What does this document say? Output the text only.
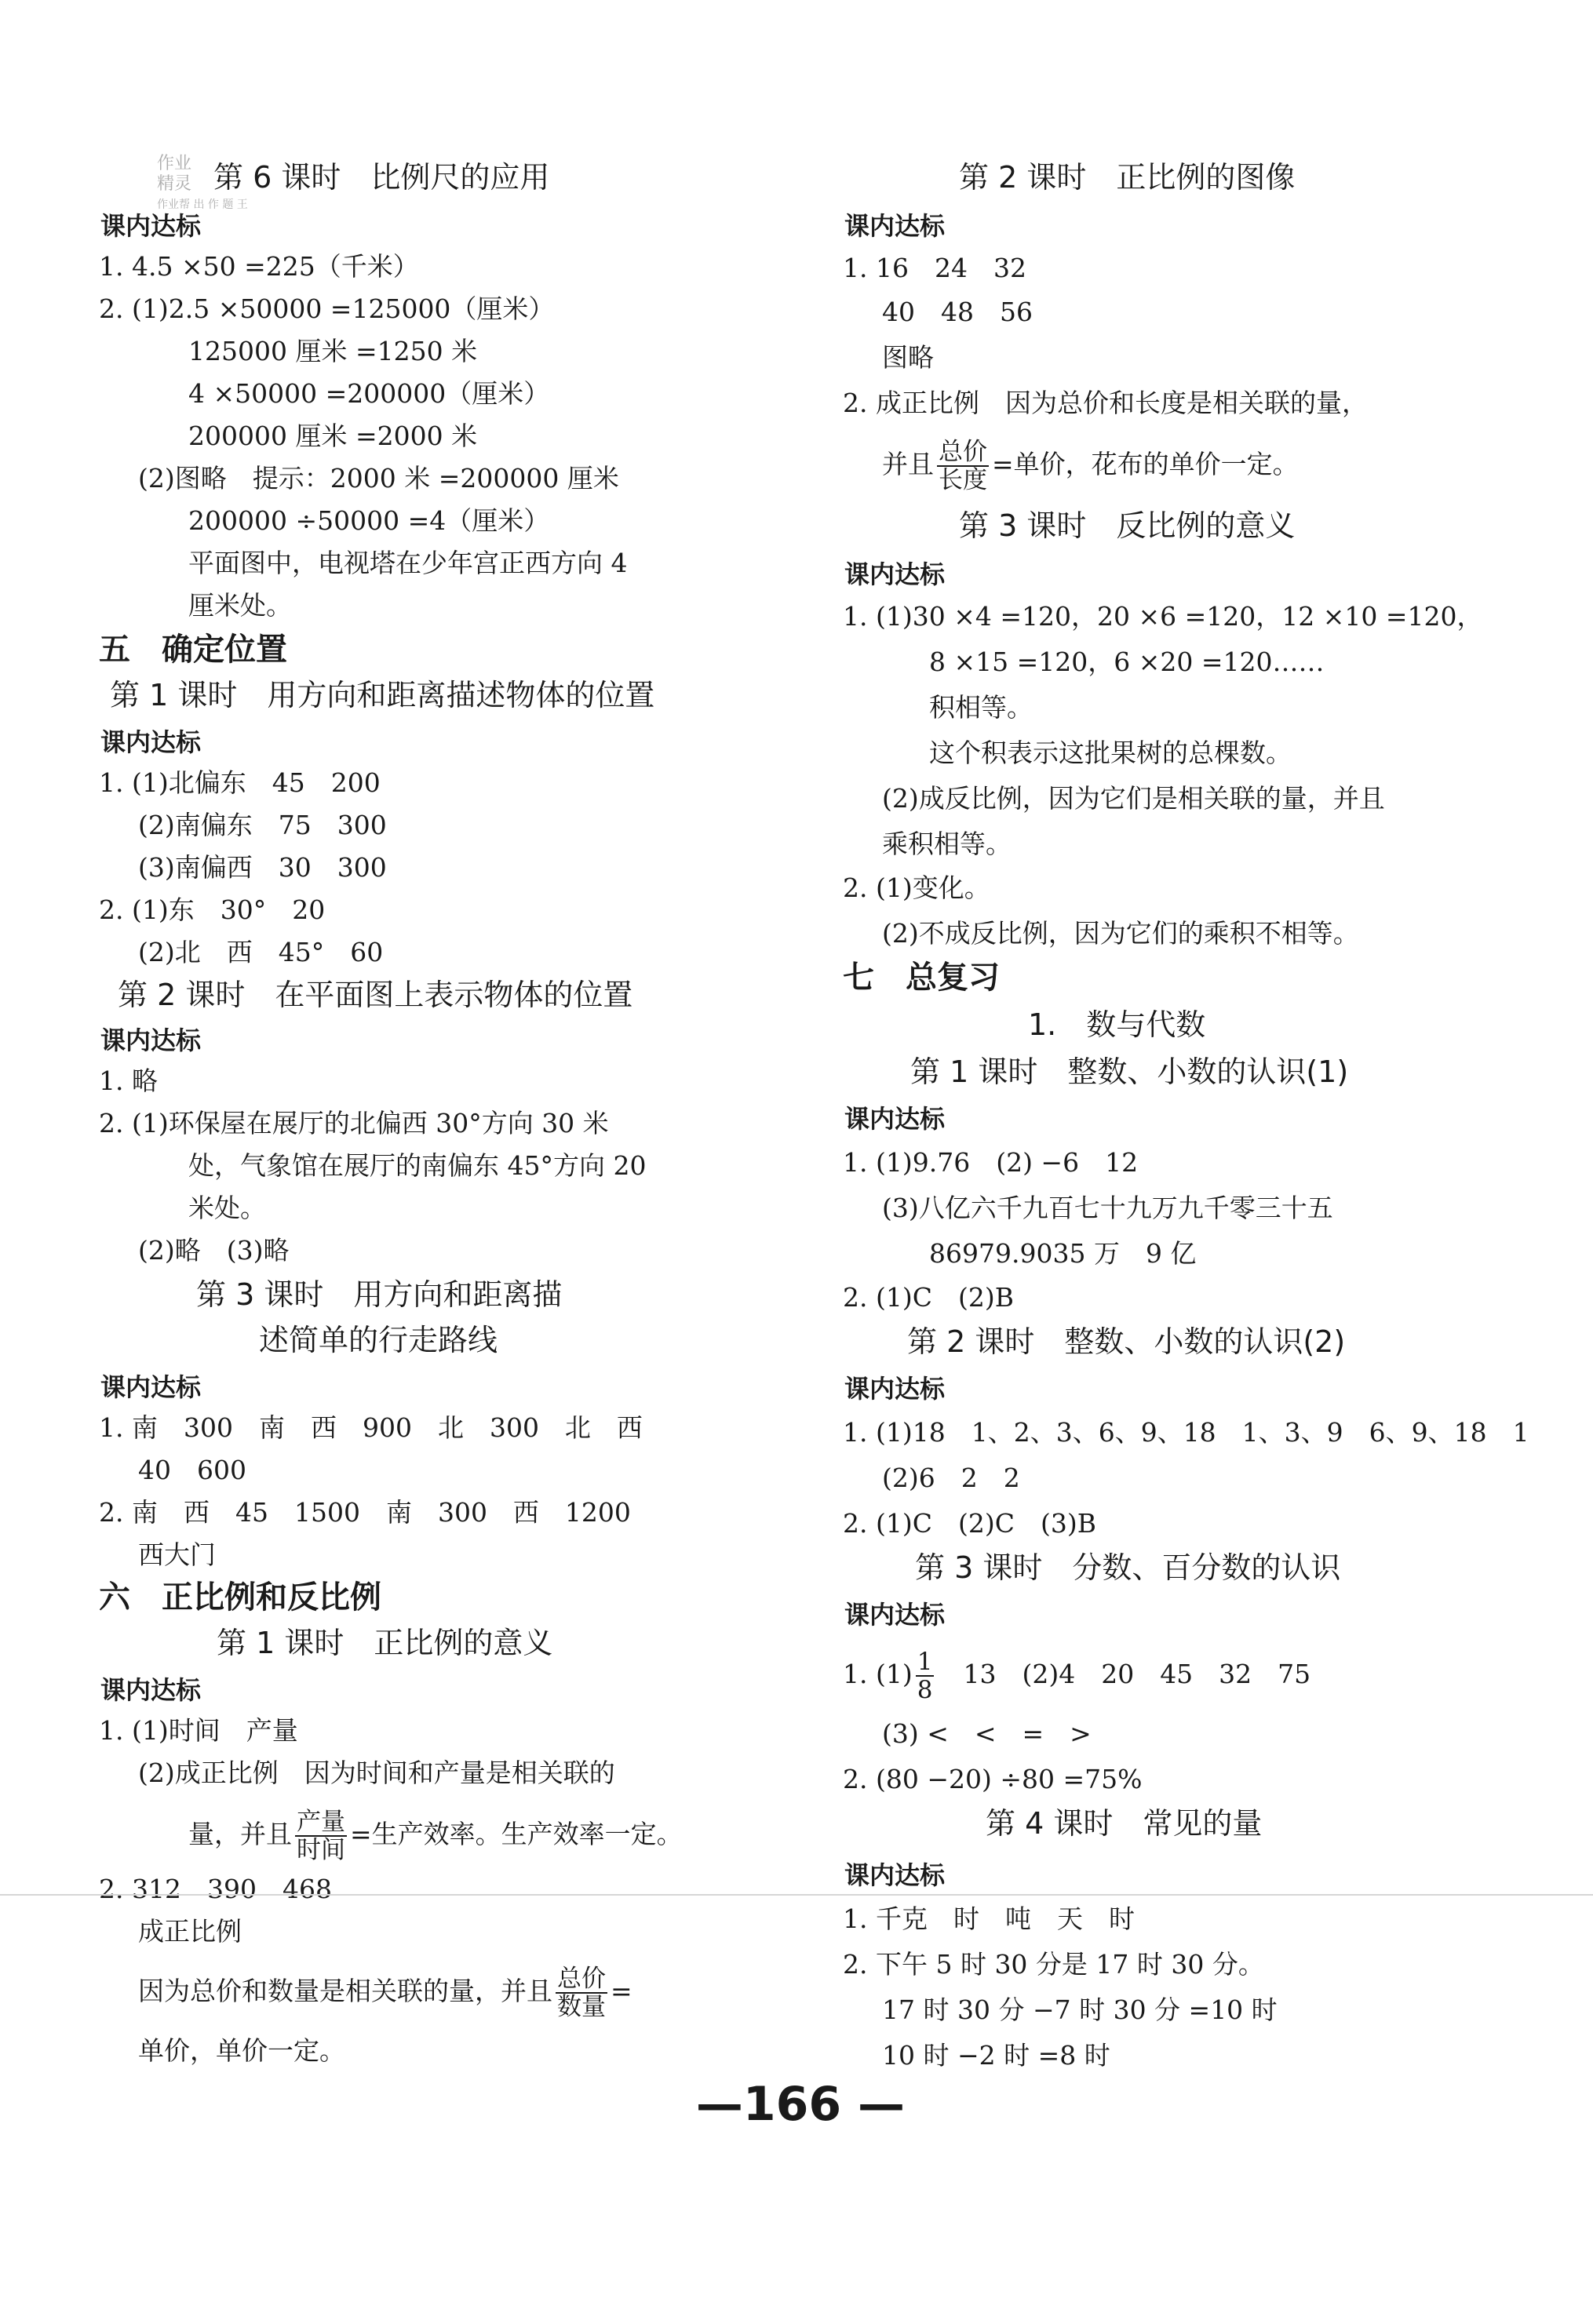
作业
精灵
作业帮 出 作 题 王
第 6 课时　比例尺的应用
课内达标
1. 4.5 ×50 =225（千米）
2. (1)2.5 ×50000 =125000（厘米）
125000 厘米 =1250 米
4 ×50000 =200000（厘米）
200000 厘米 =2000 米
(2)图略　提示：2000 米 =200000 厘米
200000 ÷50000 =4（厘米）
平面图中，电视塔在少年宫正西方向 4
厘米处。
五　确定位置
第 1 课时　用方向和距离描述物体的位置
课内达标
1. (1)北偏东　45　200
(2)南偏东　75　300
(3)南偏西　30　300
2. (1)东　30°　20
(2)北　西　45°　60
第 2 课时　在平面图上表示物体的位置
课内达标
1. 略
2. (1)环保屋在展厅的北偏西 30°方向 30 米
处，气象馆在展厅的南偏东 45°方向 20
米处。
(2)略　(3)略
第 3 课时　用方向和距离描
述简单的行走路线
课内达标
1. 南　300　南　西　900　北　300　北　西
40　600
2. 南　西　45　1500　南　300　西　1200
西大门
六　正比例和反比例
第 1 课时　正比例的意义
课内达标
1. (1)时间　产量
(2)成正比例　因为时间和产量是相关联的
量，并且 $\frac{\text{产量}}{\text{时间}}$ =生产效率。生产效率一定。
2. 312　390　468
成正比例
因为总价和数量是相关联的量，并且 $\frac{\text{总价}}{\text{数量}}$ =
单价，单价一定。
第 2 课时　正比例的图像
课内达标
1. 16　24　32
40　48　56
图略
2. 成正比例　因为总价和长度是相关联的量，
并且 $\frac{\text{总价}}{\text{长度}}$ =单价，花布的单价一定。
第 3 课时　反比例的意义
课内达标
1. (1)30 ×4 =120，20 ×6 =120，12 ×10 =120，
8 ×15 =120，6 ×20 =120……
积相等。
这个积表示这批果树的总棵数。
(2)成反比例，因为它们是相关联的量，并且
乘积相等。
2. (1)变化。
(2)不成反比例，因为它们的乘积不相等。
七　总复习
1.　数与代数
第 1 课时　整数、小数的认识(1)
课内达标
1. (1)9.76　(2) −6　12
(3)八亿六千九百七十九万九千零三十五
86979.9035 万　9 亿
2. (1)C　(2)B
第 2 课时　整数、小数的认识(2)
课内达标
1. (1)18　1、2、3、6、9、18　1、3、9　6、9、18　1
(2)6　2　2
2. (1)C　(2)C　(3)B
第 3 课时　分数、百分数的认识
课内达标
1. $(1) \frac{1}{8}$ 　13　(2)4　20　45　32　75
(3) <　<　=　>
2. (80 −20) ÷80 =75%
第 4 课时　常见的量
课内达标
1. 千克　时　吨　天　时
2. 下午 5 时 30 分是 17 时 30 分。
17 时 30 分 −7 时 30 分 =10 时
10 时 −2 时 =8 时
—166 —
